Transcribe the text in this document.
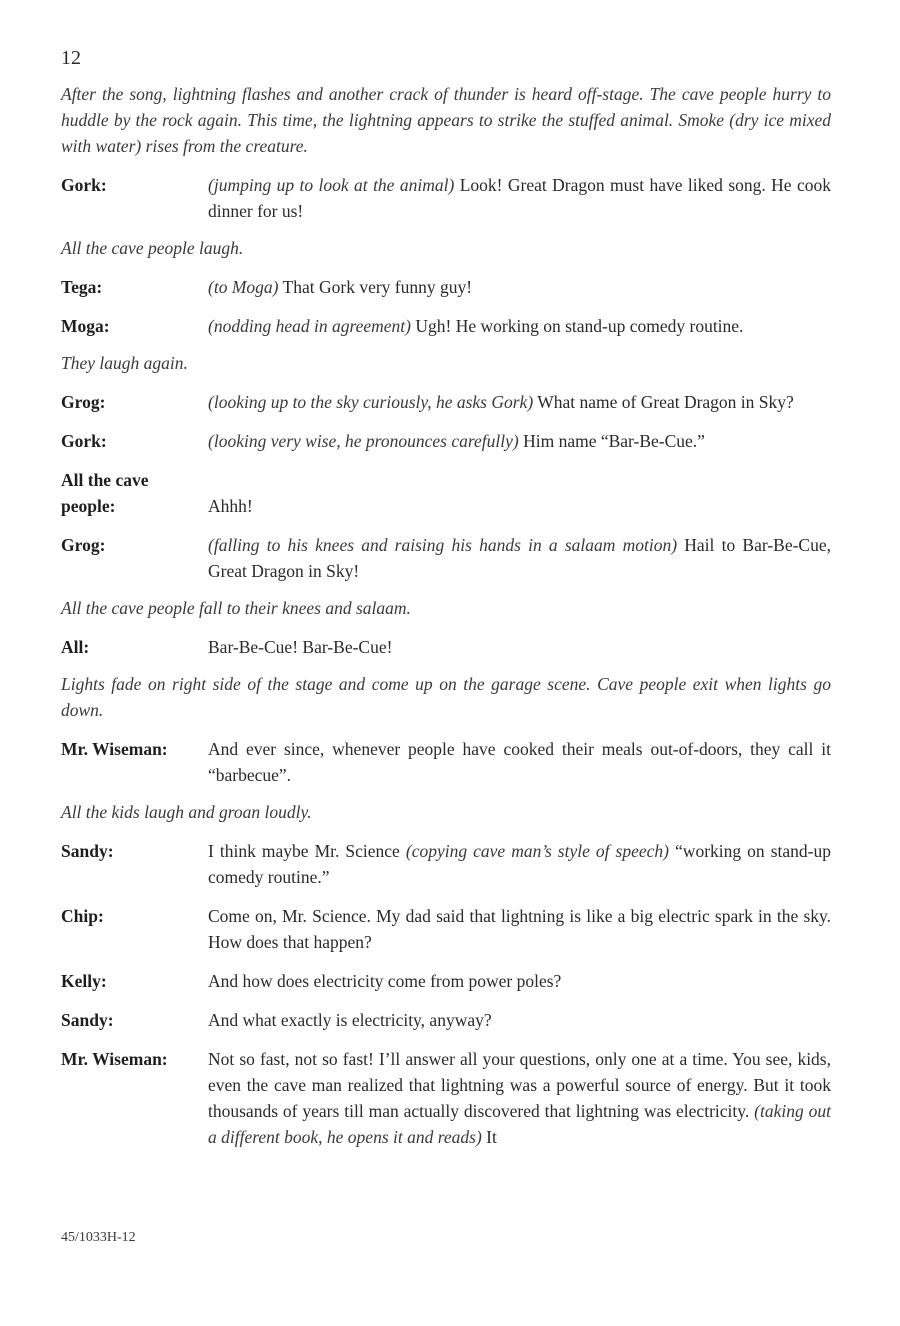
12

After the song, lightning flashes and another crack of thunder is heard off-stage. The cave people hurry to huddle by the rock again. This time, the lightning appears to strike the stuffed animal. Smoke (dry ice mixed with water) rises from the creature.

Gork:	(jumping up to look at the animal) Look! Great Dragon must have liked song. He cook dinner for us!

All the cave people laugh.

Tega:	(to Moga) That Gork very funny guy!
Moga:	(nodding head in agreement) Ugh! He working on stand-up comedy routine.

They laugh again.

Grog:	(looking up to the sky curiously, he asks Gork) What name of Great Dragon in Sky?
Gork:	(looking very wise, he pronounces carefully) Him name “Bar-Be-Cue.”
All the cave
people:	Ahhh!
Grog:	(falling to his knees and raising his hands in a salaam motion) Hail to Bar-Be-Cue, Great Dragon in Sky!

All the cave people fall to their knees and salaam.

All:	Bar-Be-Cue! Bar-Be-Cue!

Lights fade on right side of the stage and come up on the garage scene. Cave people exit when lights go down.

Mr. Wiseman:	And ever since, whenever people have cooked their meals out-of-doors, they call it “barbecue”.

All the kids laugh and groan loudly.

Sandy:	I think maybe Mr. Science (copying cave man’s style of speech) “working on stand-up comedy routine.”
Chip:	Come on, Mr. Science. My dad said that lightning is like a big electric spark in the sky. How does that happen?
Kelly:	And how does electricity come from power poles?
Sandy:	And what exactly is electricity, anyway?
Mr. Wiseman:	Not so fast, not so fast! I’ll answer all your questions, only one at a time. You see, kids, even the cave man realized that lightning was a powerful source of energy. But it took thousands of years till man actually discovered that lightning was electricity. (taking out a different book, he opens it and reads) It
45/1033H-12
